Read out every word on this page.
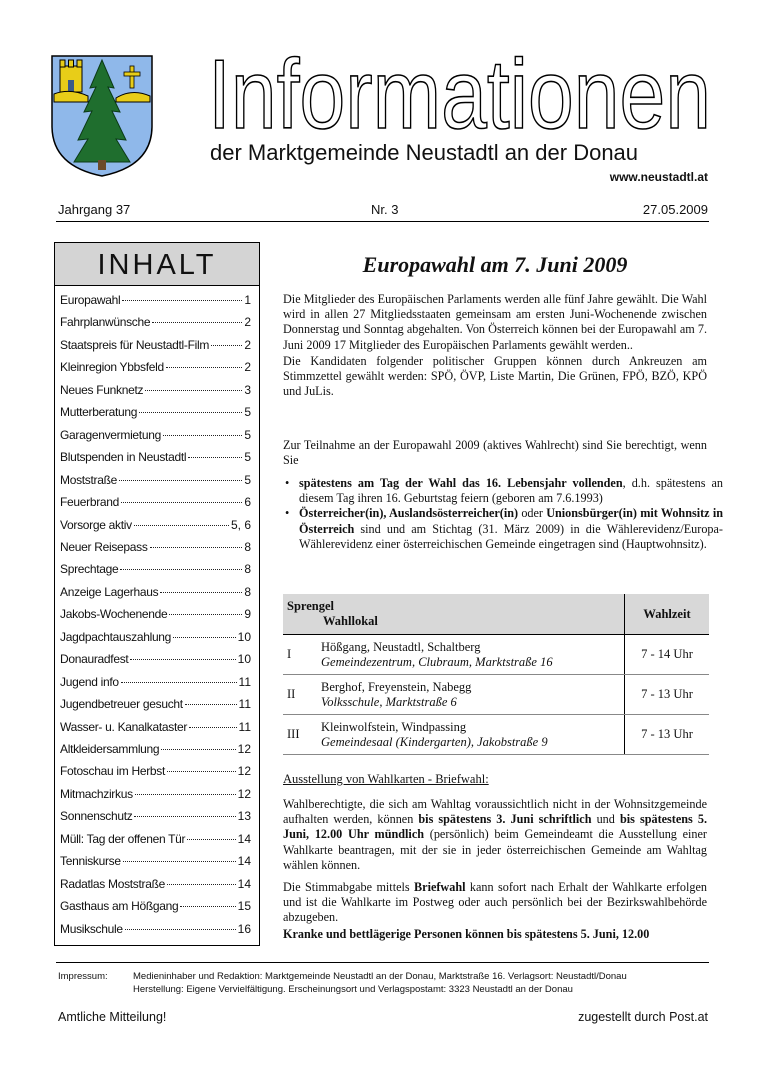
Informationen
der Marktgemeinde Neustadtl an der Donau
www.neustadtl.at
Jahrgang 37	Nr. 3	27.05.2009
INHALT
Europawahl	1
Fahrplanwünsche	2
Staatspreis für Neustadtl-Film	2
Kleinregion Ybbsfeld	2
Neues Funknetz	3
Mutterberatung	5
Garagenvermietung	5
Blutspenden in Neustadtl	5
Moststraße	5
Feuerbrand	6
Vorsorge aktiv	5, 6
Neuer Reisepass	8
Sprechtage	8
Anzeige Lagerhaus	8
Jakobs-Wochenende	9
Jagdpachtauszahlung	10
Donauradfest	10
Jugend info	11
Jugendbetreuer gesucht	11
Wasser- u. Kanalkataster	11
Altkleidersammlung	12
Fotoschau im Herbst	12
Mitmachzirkus	12
Sonnenschutz	13
Müll: Tag der offenen Tür	14
Tenniskurse	14
Radatlas Moststraße	14
Gasthaus am Hößgang	15
Musikschule	16
Europawahl am 7. Juni 2009

Die Mitglieder des Europäischen Parlaments werden alle fünf Jahre gewählt. Die Wahl wird in allen 27 Mitgliedsstaaten gemeinsam am ersten Juni-Wochenende zwischen Donnerstag und Sonntag abgehalten. Von Österreich können bei der Europawahl am 7. Juni 2009 17 Mitglieder des Europäischen Parlaments gewählt werden..

Die Kandidaten folgender politischer Gruppen können durch Ankreuzen am Stimmzettel gewählt werden: SPÖ, ÖVP, Liste Martin, Die Grünen, FPÖ, BZÖ, KPÖ und JuLis.

Zur Teilnahme an der Europawahl 2009 (aktives Wahlrecht) sind Sie berechtigt, wenn Sie

• spätestens am Tag der Wahl das 16. Lebensjahr vollenden, d.h. spätestens an diesem Tag ihren 16. Geburtstag feiern (geboren am 7.6.1993)
• Österreicher(in), Auslandsösterreicher(in) oder Unionsbürger(in) mit Wohnsitz in Österreich sind und am Stichtag (31. März 2009) in die Wählerevidenz/Europa-Wählerevidenz einer österreichischen Gemeinde eingetragen sind (Hauptwohnsitz).
Sprengel
Wahllokal		Wahlzeit
I	Hößgang, Neustadtl, Schaltberg
Gemeindezentrum, Clubraum, Marktstraße 16	7 - 14 Uhr
II	Berghof, Freyenstein, Nabegg
Volksschule, Marktstraße 6	7 - 13 Uhr
III	Kleinwolfstein, Windpassing
Gemeindesaal (Kindergarten), Jakobstraße 9	7 - 13 Uhr
Ausstellung von Wahlkarten - Briefwahl:

Wahlberechtigte, die sich am Wahltag voraussichtlich nicht in der Wohnsitzgemeinde aufhalten werden, können bis spätestens 3. Juni schriftlich und bis spätestens 5. Juni, 12.00 Uhr mündlich (persönlich) beim Gemeindeamt die Ausstellung einer Wahlkarte beantragen, mit der sie in jeder österreichischen Gemeinde am Wahltag wählen können.

Die Stimmabgabe mittels Briefwahl kann sofort nach Erhalt der Wahlkarte erfolgen und ist die Wahlkarte im Postweg oder auch persönlich bei der Bezirkswahlbehörde abzugeben.

Kranke und bettlägerige Personen können bis spätestens 5. Juni, 12.00

Impressum:	Medieninhaber und Redaktion: Marktgemeinde Neustadtl an der Donau, Marktstraße 16. Verlagsort: Neustadtl/Donau
Herstellung: Eigene Vervielfältigung. Erscheinungsort und Verlagspostamt: 3323 Neustadtl an der Donau
Amtliche Mitteilung!	zugestellt durch Post.at
